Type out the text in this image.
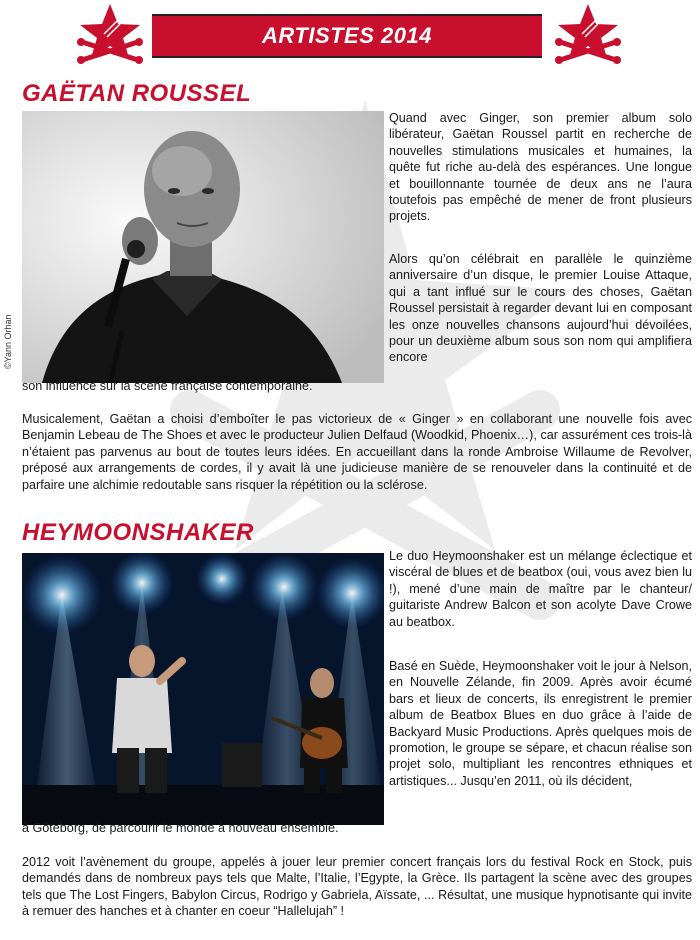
ARTISTES 2014
GAËTAN ROUSSEL
©Yann Orhan

Quand avec Ginger, son premier album solo libérateur, Gaëtan Roussel partit en recherche de nouvelles stimulations musicales et humaines, la quête fut riche au-delà des espérances. Une longue et bouillonnante tournée de deux ans ne l’aura toutefois pas empêché de mener de front plusieurs projets.

Alors qu’on célébrait en parallèle le quinzième anniversaire d’un disque, le premier Louise Attaque, qui a tant influé sur le cours des choses, Gaëtan Roussel persistait à regarder devant lui en composant les onze nouvelles chansons aujourd’hui dévoilées, pour un deuxième album sous son nom qui amplifiera encore

son influence sur la scène française contemporaine.

Musicalement, Gaëtan a choisi d’emboîter le pas victorieux de « Ginger » en collaborant une nouvelle fois avec Benjamin Lebeau de The Shoes et avec le producteur Julien Delfaud (Woodkid, Phoenix…), car assurément ces trois-là n’étaient pas parvenus au bout de toutes leurs idées. En accueillant dans la ronde Ambroise Willaume de Revolver, préposé aux arrangements de cordes, il y avait là une judicieuse manière de se renouveler dans la continuité et de parfaire une alchimie redoutable sans risquer la répétition ou la sclérose.

HEYMOONSHAKER

Le duo Heymoonshaker est un mélange éclectique et viscéral de blues et de beatbox (oui, vous avez bien lu !), mené d’une main de maître par le chanteur/ guitariste Andrew Balcon et son acolyte Dave Crowe au beatbox.

Basé en Suède, Heymoonshaker voit le jour à Nelson, en Nouvelle Zélande, fin 2009. Après avoir écumé bars et lieux de concerts, ils enregistrent le premier album de Beatbox Blues en duo grâce à l’aide de Backyard Music Productions. Après quelques mois de promotion, le groupe se sépare, et chacun réalise son projet solo, multipliant les rencontres ethniques et artistiques... Jusqu’en 2011, où ils décident,

à Göteborg, de parcourir le monde à nouveau ensemble.

2012 voit l’avènement du groupe, appelés à jouer leur premier concert français lors du festival Rock en Stock, puis demandés dans de nombreux pays tels que Malte, l’Italie, l’Egypte, la Grèce. Ils partagent la scène avec des groupes tels que The Lost Fingers, Babylon Circus, Rodrigo y Gabriela, Aïssate, ... Résultat, une musique hypnotisante qui invite à remuer des hanches et à chanter en coeur “Hallelujah” !
